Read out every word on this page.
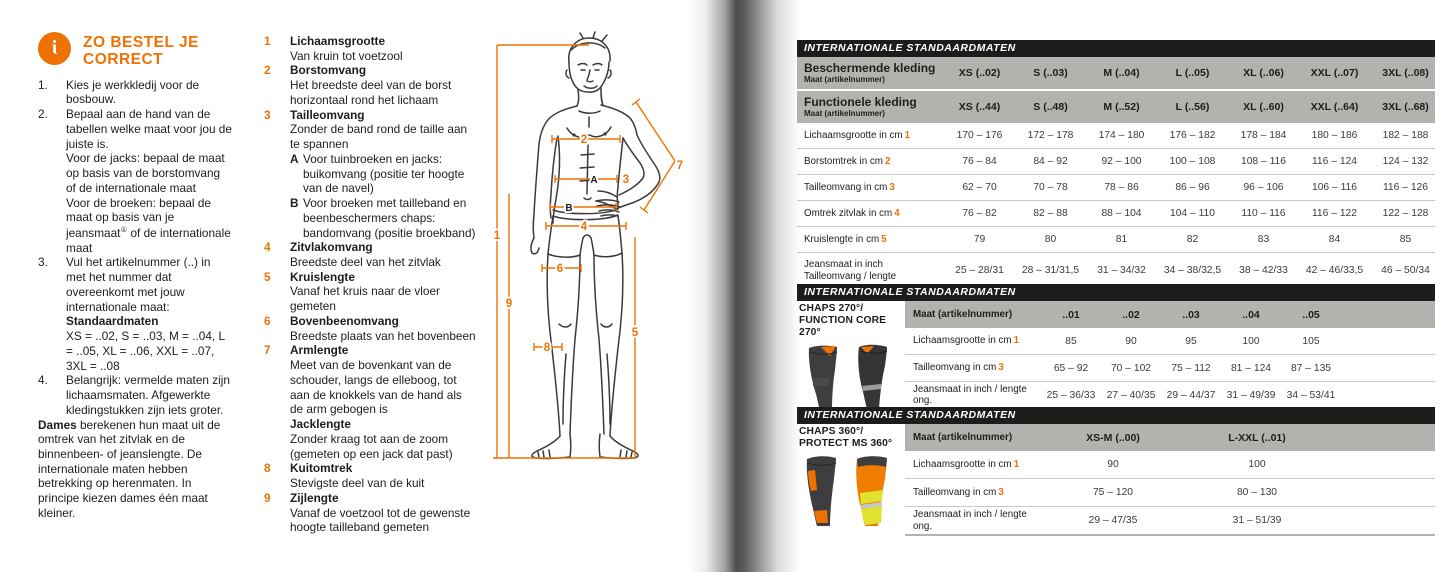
i ZO BESTEL JE
CORRECT
1.	Kies je werkkledij voor de bosbouw.

2.	Bepaal aan de hand van de tabellen welke maat voor jou de juiste is.

Voor de jacks: bepaal de maat op basis van de borstomvang of de internationale maat

Voor de broeken: bepaal de maat op basis van je jeansmaat① of de internationale maat

3.	Vul het artikelnummer (..) in met het nummer dat overeenkomt met jouw internationale maat:

Standaardmaten

XS = ..02, S = ..03, M = ..04, L = ..05, XL = ..06, XXL = ..07, 3XL = ..08

4.	Belangrijk: vermelde maten zijn lichaamsmaten. Afgewerkte kledingstukken zijn iets groter.

Dames berekenen hun maat uit de omtrek van het zitvlak en de binnenbeen- of jeanslengte. De internationale maten hebben betrekking op herenmaten. In principe kiezen dames één maat kleiner.

1	Lichaamsgrootte

Van kruin tot voetzool

2	Borstomvang

Het breedste deel van de borst horizontaal rond het lichaam

3	Tailleomvang

Zonder de band rond de taille aan te spannen

A Voor tuinbroeken en jacks: buikomvang (positie ter hoogte van de navel)
B Voor broeken met tailleband en beenbeschermers chaps: bandomvang (positie broekband)
4	Zitvlakomvang

Breedste deel van het zitvlak

5	Kruislengte

Vanaf het kruis naar de vloer gemeten

6	Bovenbeenomvang

Breedste plaats van het bovenbeen

7	Armlengte

Meet van de bovenkant van de schouder, langs de elleboog, tot aan de knokkels van de hand als de arm gebogen is

Jacklengte

Zonder kraag tot aan de zoom (gemeten op een jack dat past)

8	Kuitomtrek

Stevigste deel van de kuit

9	Zijlengte

Vanaf de voetzool tot de gewenste hoogte tailleband gemeten

1
2
3
4
5
6
7
8
9
A
B
INTERNATIONALE STANDAARDMATEN
Beschermende kleding
Maat (artikelnummer)
XS (..02)	S (..03)	M (..04)	L (..05)	XL (..06)	XXL (..07)	3XL (..08)
Functionele kleding
Maat (artikelnummer)
XS (..44)	S (..48)	M (..52)	L (..56)	XL (..60)	XXL (..64)	3XL (..68)
Lichaamsgrootte in cm 1	170 – 176	172 – 178	174 – 180	176 – 182	178 – 184	180 – 186	182 – 188
Borstomtrek in cm 2	76 – 84	84 – 92	92 – 100	100 – 108	108 – 116	116 – 124	124 – 132
Tailleomvang in cm 3	62 – 70	70 – 78	78 – 86	86 – 96	96 – 106	106 – 116	116 – 126
Omtrek zitvlak in cm 4	76 – 82	82 – 88	88 – 104	104 – 110	110 – 116	116 – 122	122 – 128
Kruislengte in cm 5	79	80	81	82	83	84	85
Jeansmaat in inch
Tailleomvang / lengte	25 – 28/31	28 – 31/31,5	31 – 34/32	34 – 38/32,5	38 – 42/33	42 – 46/33,5	46 – 50/34
INTERNATIONALE STANDAARDMATEN
CHAPS 270°/
FUNCTION CORE 270°
Maat (artikelnummer)	..01	..02	..03	..04	..05
Lichaamsgrootte in cm 1	85	90	95	100	105
Tailleomvang in cm 3	65 – 92	70 – 102	75 – 112	81 – 124	87 – 135
Jeansmaat in inch / lengte ong.	25 – 36/33	27 – 40/35	29 – 44/37	31 – 49/39	34 – 53/41
INTERNATIONALE STANDAARDMATEN
CHAPS 360°/
PROTECT MS 360°
Maat (artikelnummer)	XS-M (..00)	L-XXL (..01)
Lichaamsgrootte in cm 1	90	100
Tailleomvang in cm 3	75 – 120	80 – 130
Jeansmaat in inch / lengte ong.	29 – 47/35	31 – 51/39
